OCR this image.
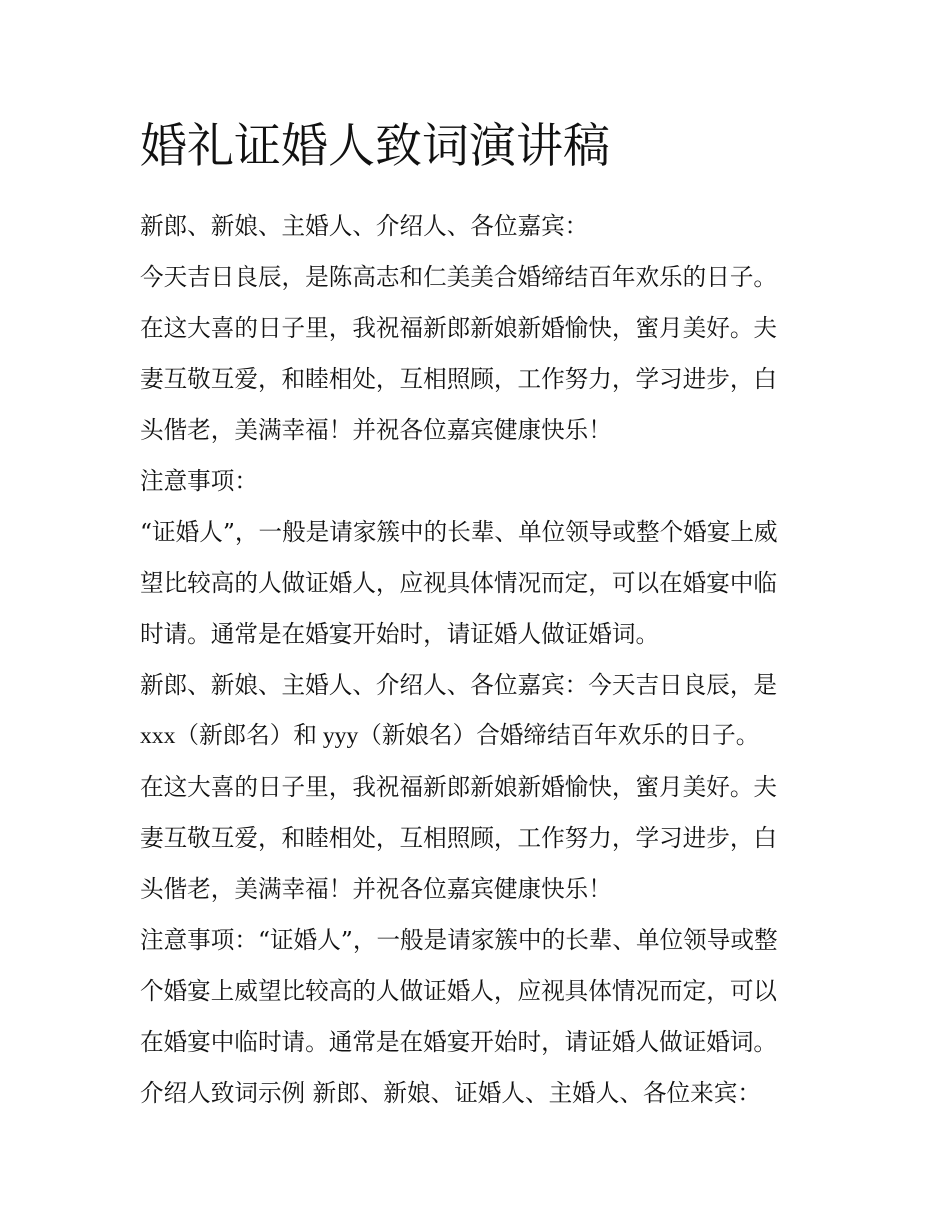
婚礼证婚人致词演讲稿
新郎、新娘、主婚人、介绍人、各位嘉宾：
今天吉日良辰，是陈高志和仁美美合婚缔结百年欢乐的日子。
在这大喜的日子里，我祝福新郎新娘新婚愉快，蜜月美好。夫
妻互敬互爱，和睦相处，互相照顾，工作努力，学习进步，白
头偕老，美满幸福！并祝各位嘉宾健康快乐！
注意事项：
“证婚人”，一般是请家簇中的长辈、单位领导或整个婚宴上威
望比较高的人做证婚人，应视具体情况而定，可以在婚宴中临
时请。通常是在婚宴开始时，请证婚人做证婚词。
新郎、新娘、主婚人、介绍人、各位嘉宾：今天吉日良辰，是
xxx（新郎名）和 yyy（新娘名）合婚缔结百年欢乐的日子。
在这大喜的日子里，我祝福新郎新娘新婚愉快，蜜月美好。夫
妻互敬互爱，和睦相处，互相照顾，工作努力，学习进步，白
头偕老，美满幸福！并祝各位嘉宾健康快乐！
注意事项：“证婚人”，一般是请家簇中的长辈、单位领导或整
个婚宴上威望比较高的人做证婚人，应视具体情况而定，可以
在婚宴中临时请。通常是在婚宴开始时，请证婚人做证婚词。
介绍人致词示例 新郎、新娘、证婚人、主婚人、各位来宾：
